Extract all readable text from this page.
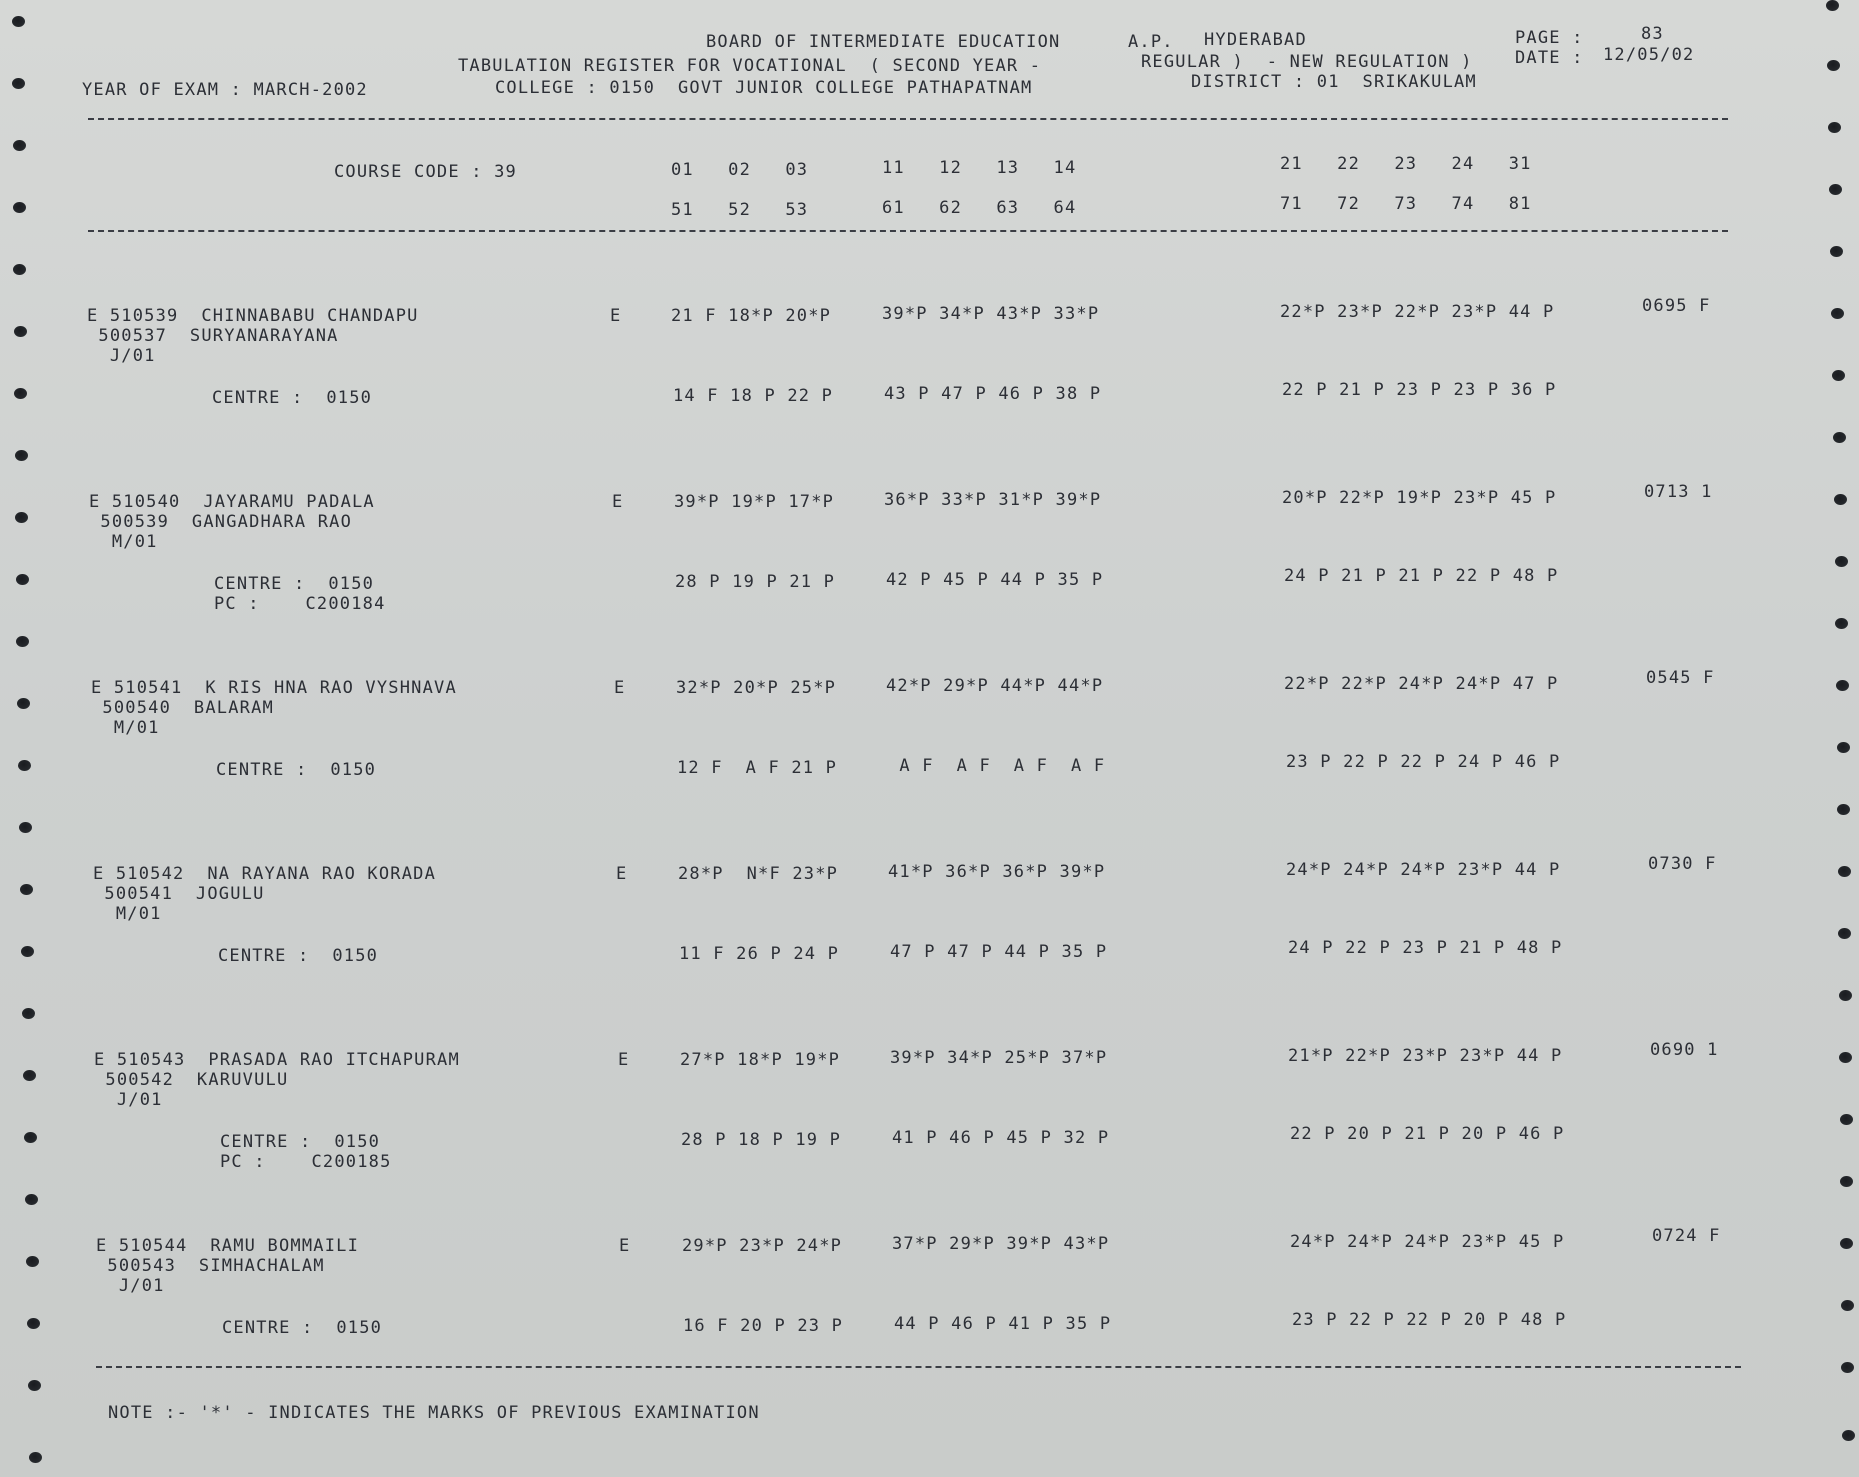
BOARD OF INTERMEDIATE EDUCATION	A.P. HYDERABAD	PAGE :	83
TABULATION REGISTER FOR VOCATIONAL  ( SECOND YEAR -	REGULAR )  - NEW REGULATION ) DATE : 12/05/02
YEAR OF EXAM : MARCH-2002	COLLEGE : 0150  GOVT JUNIOR COLLEGE PATHAPATNAM	DISTRICT : 01  SRIKAKULAM
COURSE CODE : 39	01   02   03	11   12   13   14	21   22   23   24   31
51   52   53	61   62   63   64	71   72   73   74   81
E 510539  CHINNABABU CHANDAPU
500537  SURYANARAYANA
J/01
E	21 F 18*P 20*P	39*P 34*P 43*P 33*P	22*P 23*P 22*P 23*P 44 P	0695 F
CENTRE :  0150	14 F 18 P 22 P	43 P 47 P 46 P 38 P	22 P 21 P 23 P 23 P 36 P
E 510540  JAYARAMU PADALA
500539  GANGADHARA RAO
M/01
E	39*P 19*P 17*P	36*P 33*P 31*P 39*P	20*P 22*P 19*P 23*P 45 P	0713 1
CENTRE :  0150
PC :    C200184
28 P 19 P 21 P	42 P 45 P 44 P 35 P	24 P 21 P 21 P 22 P 48 P
E 510541  K RIS HNA RAO VYSHNAVA
500540  BALARAM
M/01
E	32*P 20*P 25*P	42*P 29*P 44*P 44*P	22*P 22*P 24*P 24*P 47 P	0545 F
CENTRE :  0150	12 F  A F 21 P	A F  A F  A F  A F	23 P 22 P 22 P 24 P 46 P
E 510542  NA RAYANA RAO KORADA
500541  JOGULU
M/01
E	28*P  N*F 23*P	41*P 36*P 36*P 39*P	24*P 24*P 24*P 23*P 44 P	0730 F
CENTRE :  0150	11 F 26 P 24 P	47 P 47 P 44 P 35 P	24 P 22 P 23 P 21 P 48 P
E 510543  PRASADA RAO ITCHAPURAM
500542  KARUVULU
J/01
E	27*P 18*P 19*P	39*P 34*P 25*P 37*P	21*P 22*P 23*P 23*P 44 P	0690 1
CENTRE :  0150
PC :    C200185
28 P 18 P 19 P	41 P 46 P 45 P 32 P	22 P 20 P 21 P 20 P 46 P
E 510544  RAMU BOMMAILI
500543  SIMHACHALAM
J/01
E	29*P 23*P 24*P	37*P 29*P 39*P 43*P	24*P 24*P 24*P 23*P 45 P	0724 F
CENTRE :  0150	16 F 20 P 23 P	44 P 46 P 41 P 35 P	23 P 22 P 22 P 20 P 48 P
NOTE :- '*' - INDICATES THE MARKS OF PREVIOUS EXAMINATION
